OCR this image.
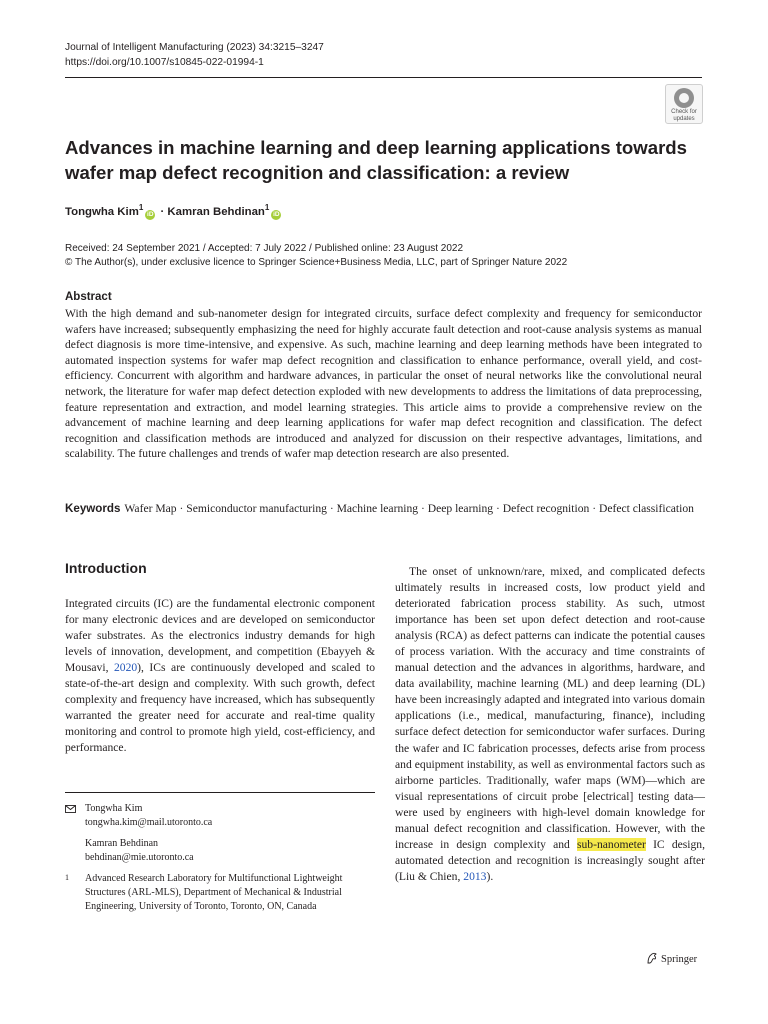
Journal of Intelligent Manufacturing (2023) 34:3215–3247
https://doi.org/10.1007/s10845-022-01994-1
Check for
updates
Advances in machine learning and deep learning applications towards wafer map defect recognition and classification: a review
Tongwha Kim$^1$iD · Kamran Behdinan$^1$iD
Received: 24 September 2021 / Accepted: 7 July 2022 / Published online: 23 August 2022
© The Author(s), under exclusive licence to Springer Science+Business Media, LLC, part of Springer Nature 2022
Abstract

With the high demand and sub-nanometer design for integrated circuits, surface defect complexity and frequency for semiconductor wafers have increased; subsequently emphasizing the need for highly accurate fault detection and root-cause analysis systems as manual defect diagnosis is more time-intensive, and expensive. As such, machine learning and deep learning methods have been integrated to automated inspection systems for wafer map defect recognition and classification to enhance performance, overall yield, and cost-efficiency. Concurrent with algorithm and hardware advances, in particular the onset of neural networks like the convolutional neural network, the literature for wafer map defect detection exploded with new developments to address the limitations of data preprocessing, feature representation and extraction, and model learning strategies. This article aims to provide a comprehensive review on the advancement of machine learning and deep learning applications for wafer map defect recognition and classification. The defect recognition and classification methods are introduced and analyzed for discussion on their respective advantages, limitations, and scalability. The future challenges and trends of wafer map detection research are also presented.

Keywords Wafer Map · Semiconductor manufacturing · Machine learning · Deep learning · Defect recognition · Defect classification
Introduction

Integrated circuits (IC) are the fundamental electronic component for many electronic devices and are developed on semiconductor wafer substrates. As the electronics industry demands for high levels of innovation, development, and competition (Ebayyeh & Mousavi, 2020), ICs are continuously developed and scaled to state-of-the-art design and complexity. With such growth, defect complexity and frequency have increased, which has subsequently warranted the greater need for accurate and real-time quality monitoring and control to promote high yield, cost-efficiency, and performance.

The onset of unknown/rare, mixed, and complicated defects ultimately results in increased costs, low product yield and deteriorated fabrication process stability. As such, utmost importance has been set upon defect detection and root-cause analysis (RCA) as defect patterns can indicate the potential causes of process variation. With the accuracy and time constraints of manual detection and the advances in algorithms, hardware, and data availability, machine learning (ML) and deep learning (DL) have been increasingly adapted and integrated into various domain applications (i.e., medical, manufacturing, finance), including surface defect detection for semiconductor wafer surfaces. During the wafer and IC fabrication processes, defects arise from process and equipment instability, as well as environmental factors such as airborne particles. Traditionally, wafer maps (WM)—which are visual representations of circuit probe [electrical] testing data—were used by engineers with high-level domain knowledge for manual defect recognition and classification. However, with the increase in design complexity and sub-nanometer IC design, automated detection and recognition is increasingly sought after (Liu & Chien, 2013).

Tongwha Kim
tongwha.kim@mail.utoronto.ca
Kamran Behdinan
behdinan@mie.utoronto.ca
1	Advanced Research Laboratory for Multifunctional Lightweight Structures (ARL-MLS), Department of Mechanical & Industrial Engineering, University of Toronto, Toronto, ON, Canada
Springer
